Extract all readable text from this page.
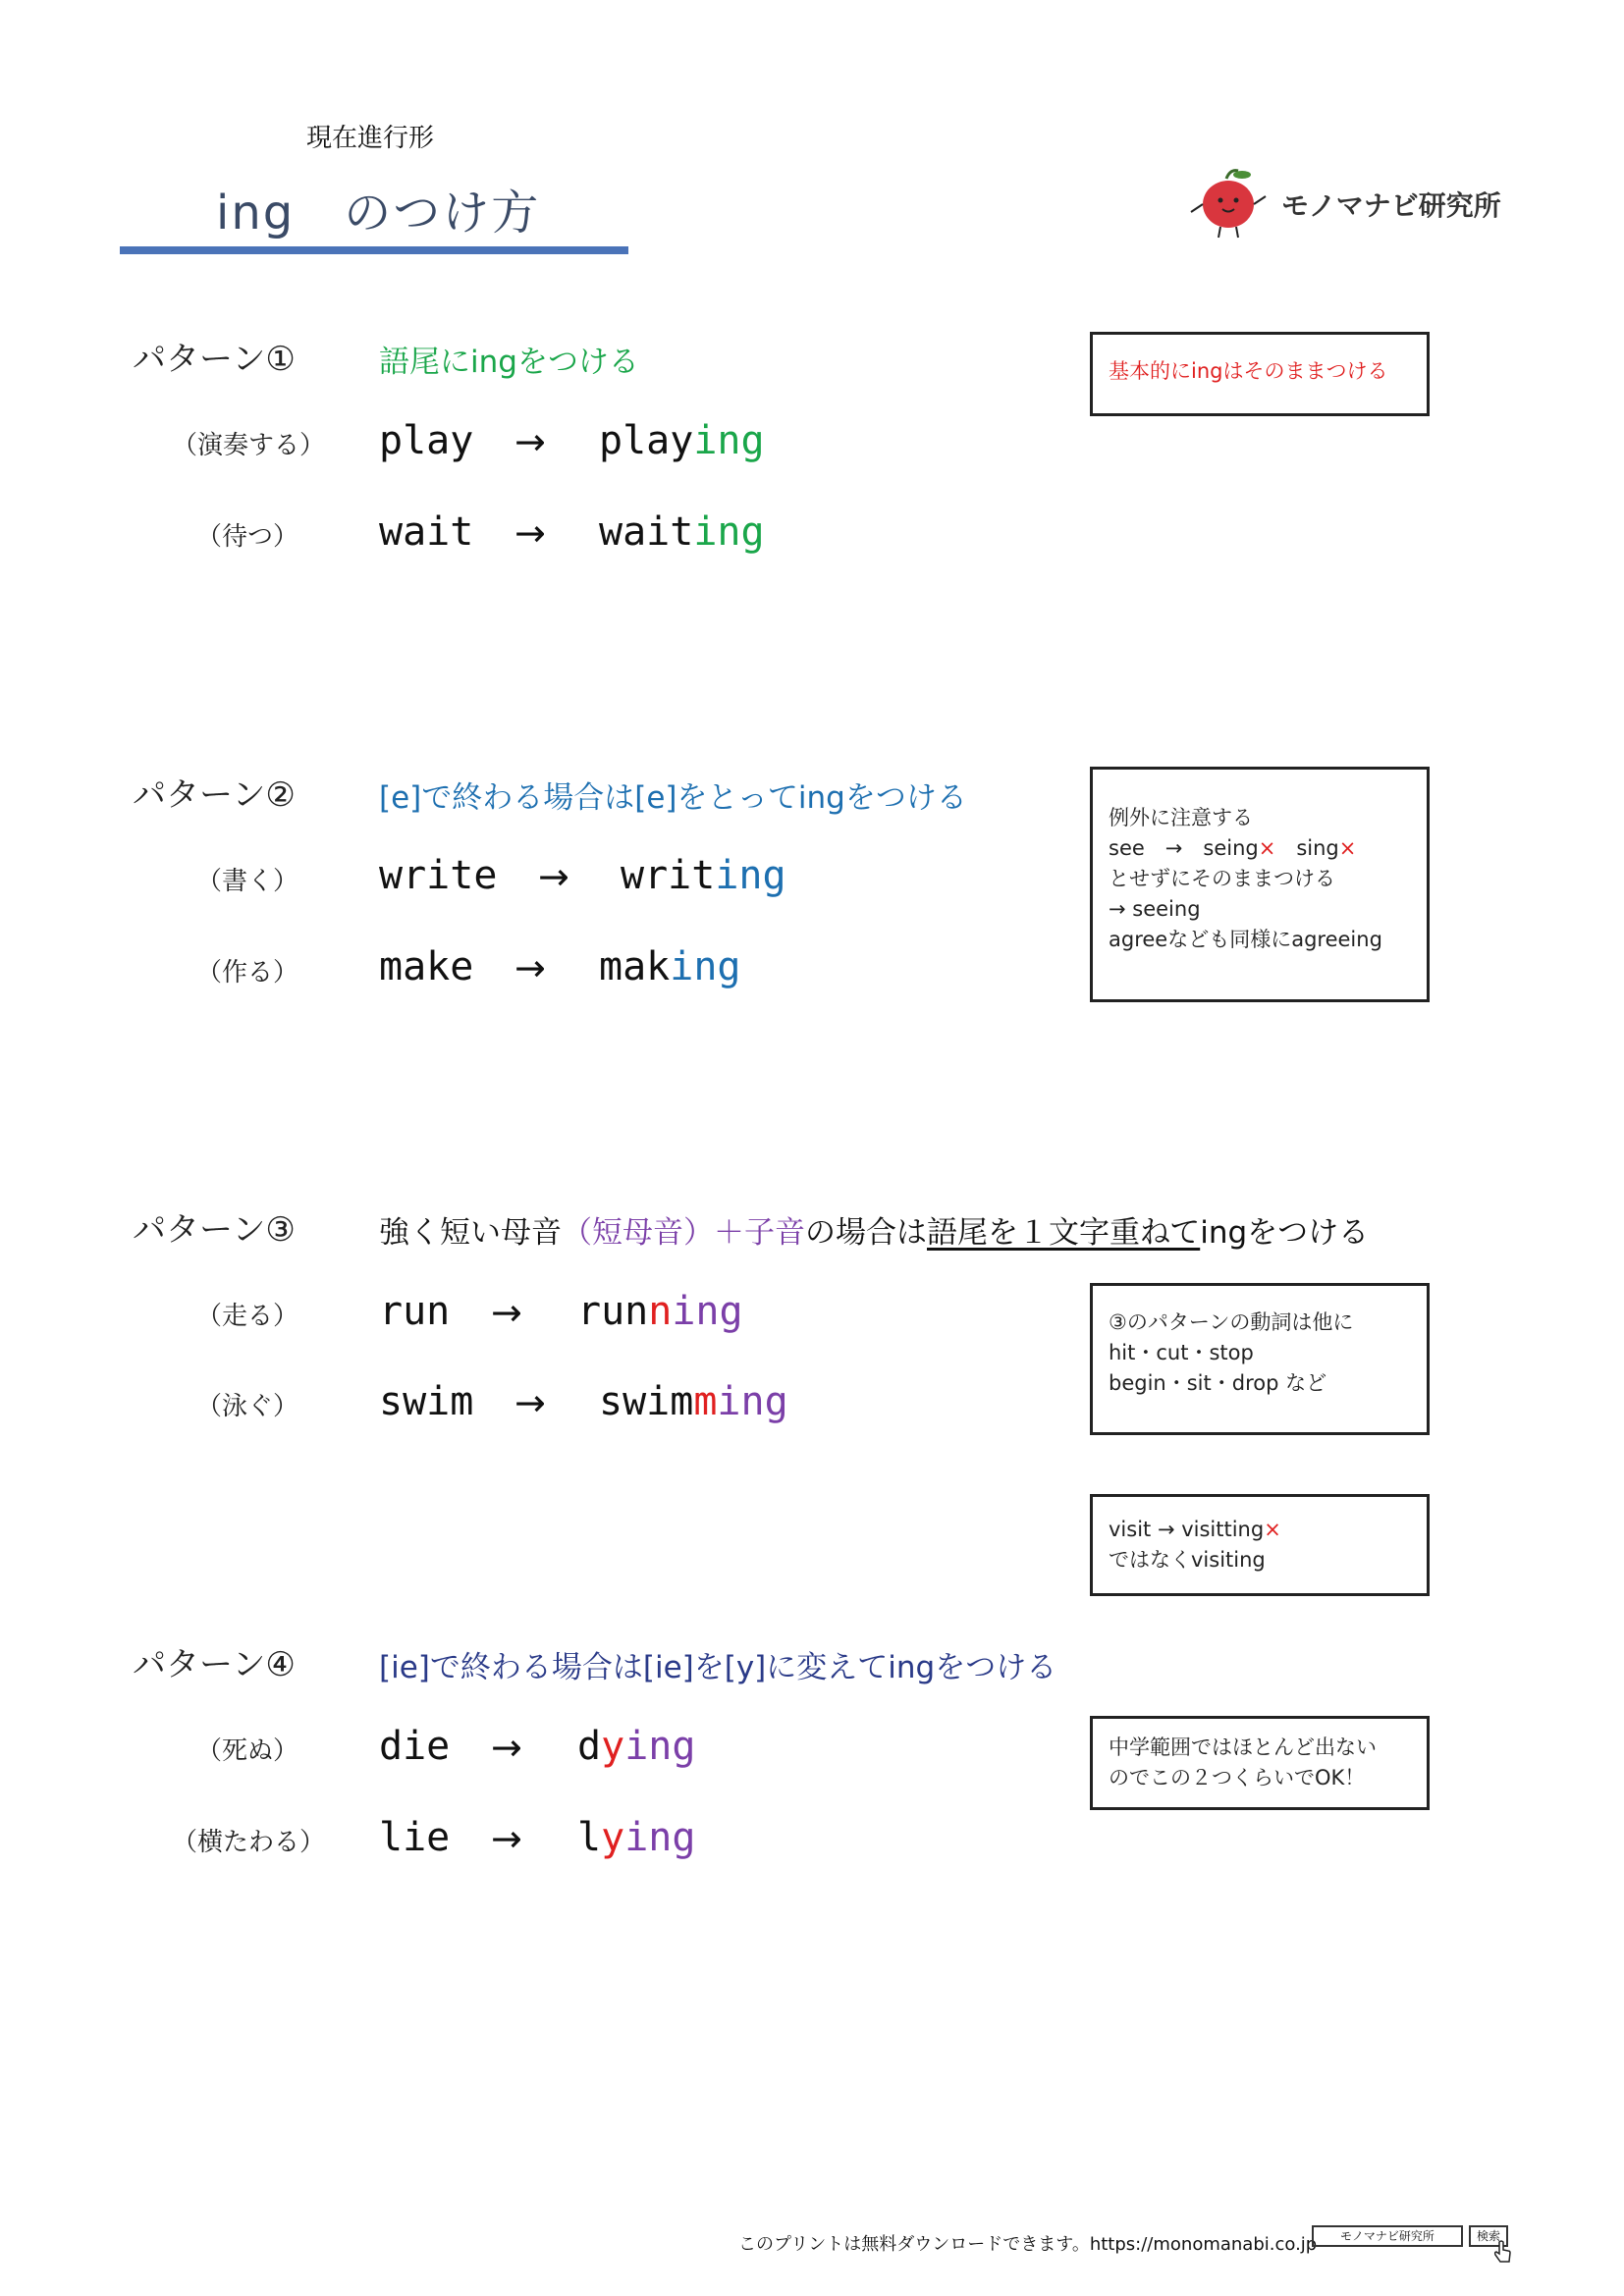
現在進行形
ing　のつけ方	モノマナビ研究所
パターン①	語尾にingをつける
（演奏する） play → playing
（待つ） wait → waiting
基本的にingはそのままつける
パターン②	[e]で終わる場合は[e]をとってingをつける
（書く） write → writing
（作る） make → making
例外に注意する
see　→　seing×　 sing×
とせずにそのままつける
→ seeing
agreeなども同様にagreeing
パターン③	強く短い母音（短母音）＋子音の場合は語尾を１文字重ねてingをつける
（走る） run → running
（泳ぐ） swim → swimming
③のパターンの動詞は他に
hit・cut・stop
begin・sit・drop など
visit → visitting×
ではなくvisiting
パターン④	[ie]で終わる場合は[ie]を[y]に変えてingをつける
（死ぬ） die → dying
（横たわる） lie → lying
中学範囲ではほとんど出ない
のでこの２つくらいでOK！
このプリントは無料ダウンロードできます。https://monomanabi.co.jp	モノマナビ研究所	検索
